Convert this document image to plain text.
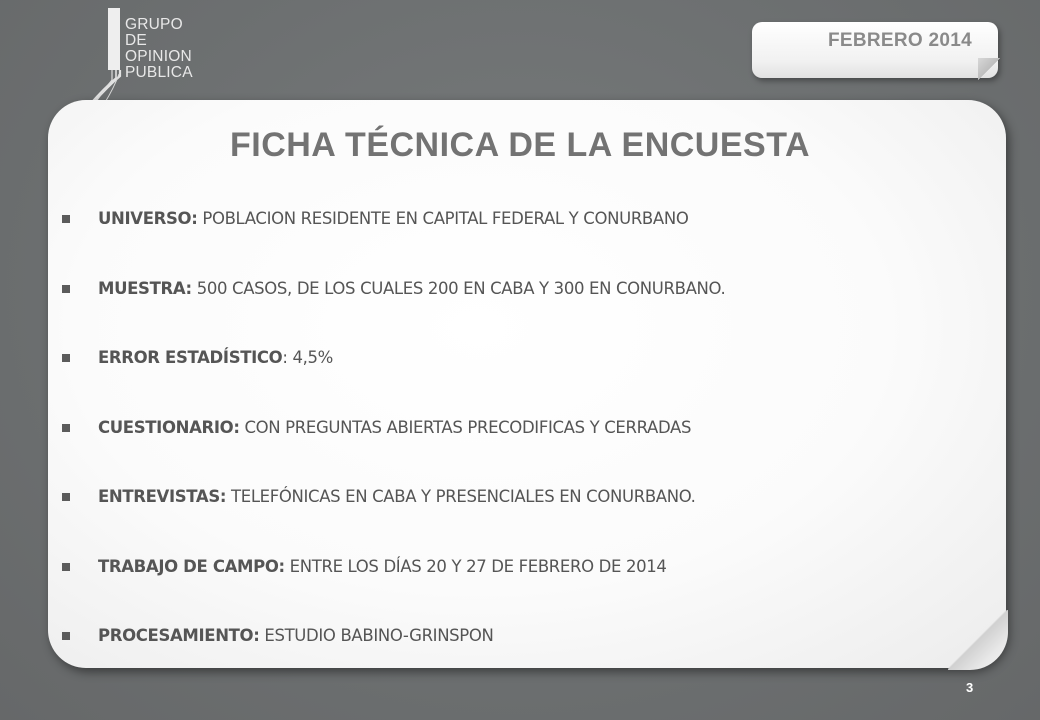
GRUPO
DE
OPINION
PUBLICA
FEBRERO 2014
FICHA TÉCNICA DE LA ENCUESTA
UNIVERSO: POBLACION RESIDENTE EN CAPITAL FEDERAL Y CONURBANO
MUESTRA: 500 CASOS, DE LOS CUALES 200 EN CABA Y 300 EN CONURBANO.
ERROR ESTADÍSTICO: 4,5%
CUESTIONARIO: CON PREGUNTAS ABIERTAS PRECODIFICAS Y CERRADAS
ENTREVISTAS: TELEFÓNICAS EN CABA Y PRESENCIALES EN CONURBANO.
TRABAJO DE CAMPO: ENTRE LOS DÍAS 20 Y 27 DE FEBRERO DE 2014
PROCESAMIENTO: ESTUDIO BABINO-GRINSPON
3
